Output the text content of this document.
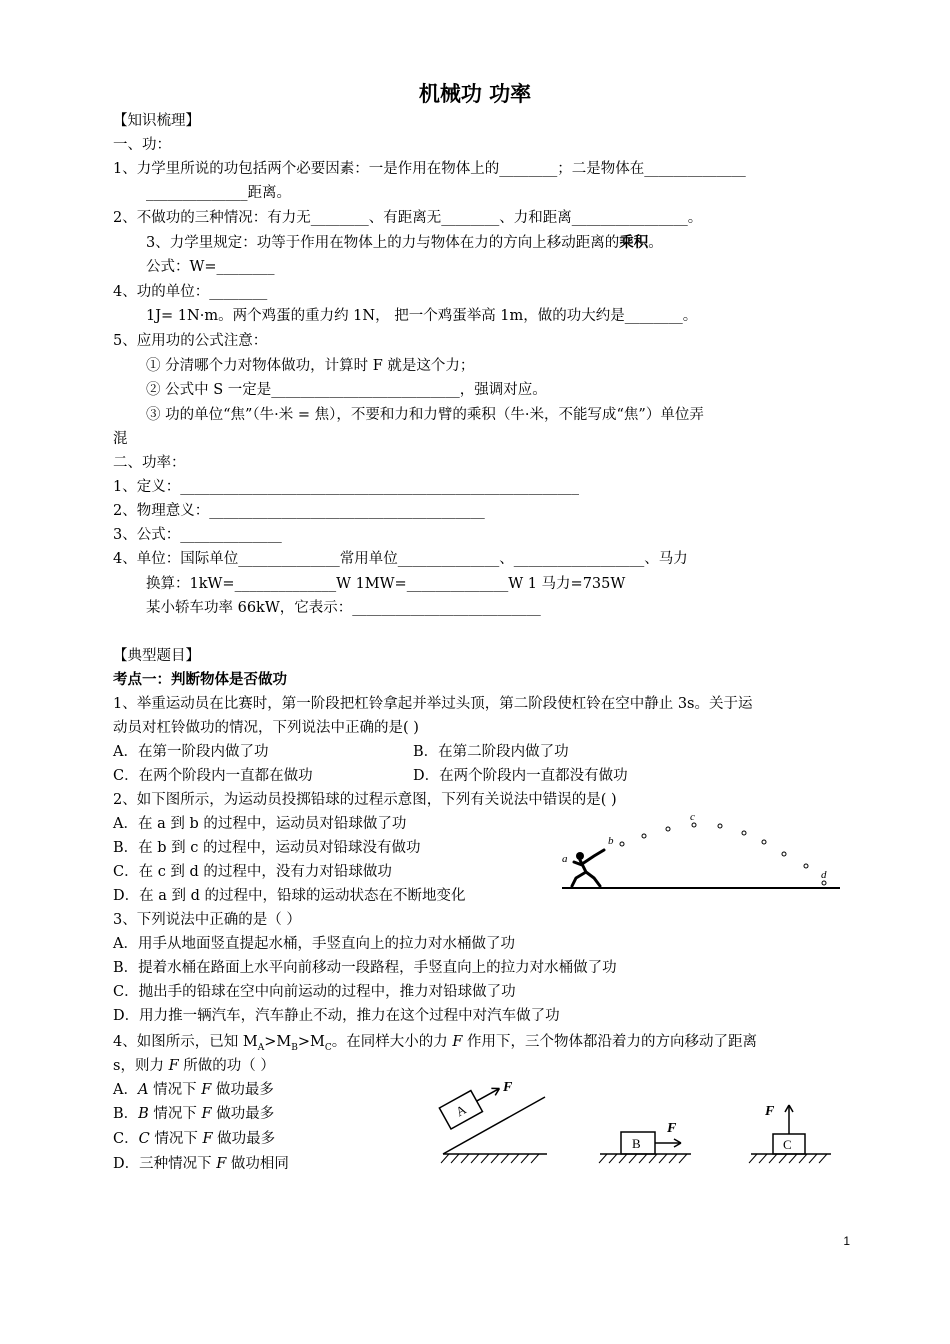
机械功 功率
【知识梳理】
一、功：
1、力学里所说的功包括两个必要因素：一是作用在物体上的________；二是物体在______________
______________距离。
2、不做功的三种情况：有力无________、有距离无________、力和距离________________。
3、力学里规定：功等于作用在物体上的力与物体在力的方向上移动距离的乘积。
公式：W=________
4、功的单位：________
1J= 1N·m。两个鸡蛋的重力约 1N， 把一个鸡蛋举高 1m，做的功大约是________。
5、应用功的公式注意：
① 分清哪个力对物体做功，计算时 F 就是这个力；
② 公式中 S 一定是__________________________，强调对应。
③ 功的单位“焦”（牛·米 = 焦），不要和力和力臂的乘积（牛·米，不能写成“焦”）单位弄
混
二、功率：
1、定义：_______________________________________________________
2、物理意义：______________________________________
3、公式：______________
4、单位：国际单位______________常用单位______________、__________________、马力
换算：1kW=______________W 1MW=______________W 1 马力=735W
某小轿车功率 66kW，它表示：__________________________
【典型题目】
考点一：判断物体是否做功
1、举重运动员在比赛时，第一阶段把杠铃拿起并举过头顶，第二阶段使杠铃在空中静止 3s。关于运
动员对杠铃做功的情况，下列说法中正确的是( )
A．在第一阶段内做了功	B．在第二阶段内做了功
C．在两个阶段内一直都在做功	D．在两个阶段内一直都没有做功
2、如下图所示，为运动员投掷铅球的过程示意图，下列有关说法中错误的是( )
A．在 a 到 b 的过程中，运动员对铅球做了功
B．在 b 到 c 的过程中，运动员对铅球没有做功
C．在 c 到 d 的过程中，没有力对铅球做功
D．在 a 到 d 的过程中，铅球的运动状态在不断地变化
a
b
c
d
3、下列说法中正确的是（ ）
A．用手从地面竖直提起水桶，手竖直向上的拉力对水桶做了功
B．提着水桶在路面上水平向前移动一段路程，手竖直向上的拉力对水桶做了功
C．抛出手的铅球在空中向前运动的过程中，推力对铅球做了功
D．用力推一辆汽车，汽车静止不动，推力在这个过程中对汽车做了功
4、如图所示，已知 $M_A>M_B>M_C$。在同样大小的力 F 作用下，三个物体都沿着力的方向移动了距离
s，则力 F 所做的功（ ）
A．A 情况下 F 做功最多
B．B 情况下 F 做功最多
C．C 情况下 F 做功最多
D．三种情况下 F 做功相同
A
F
B
F
C
F
1
